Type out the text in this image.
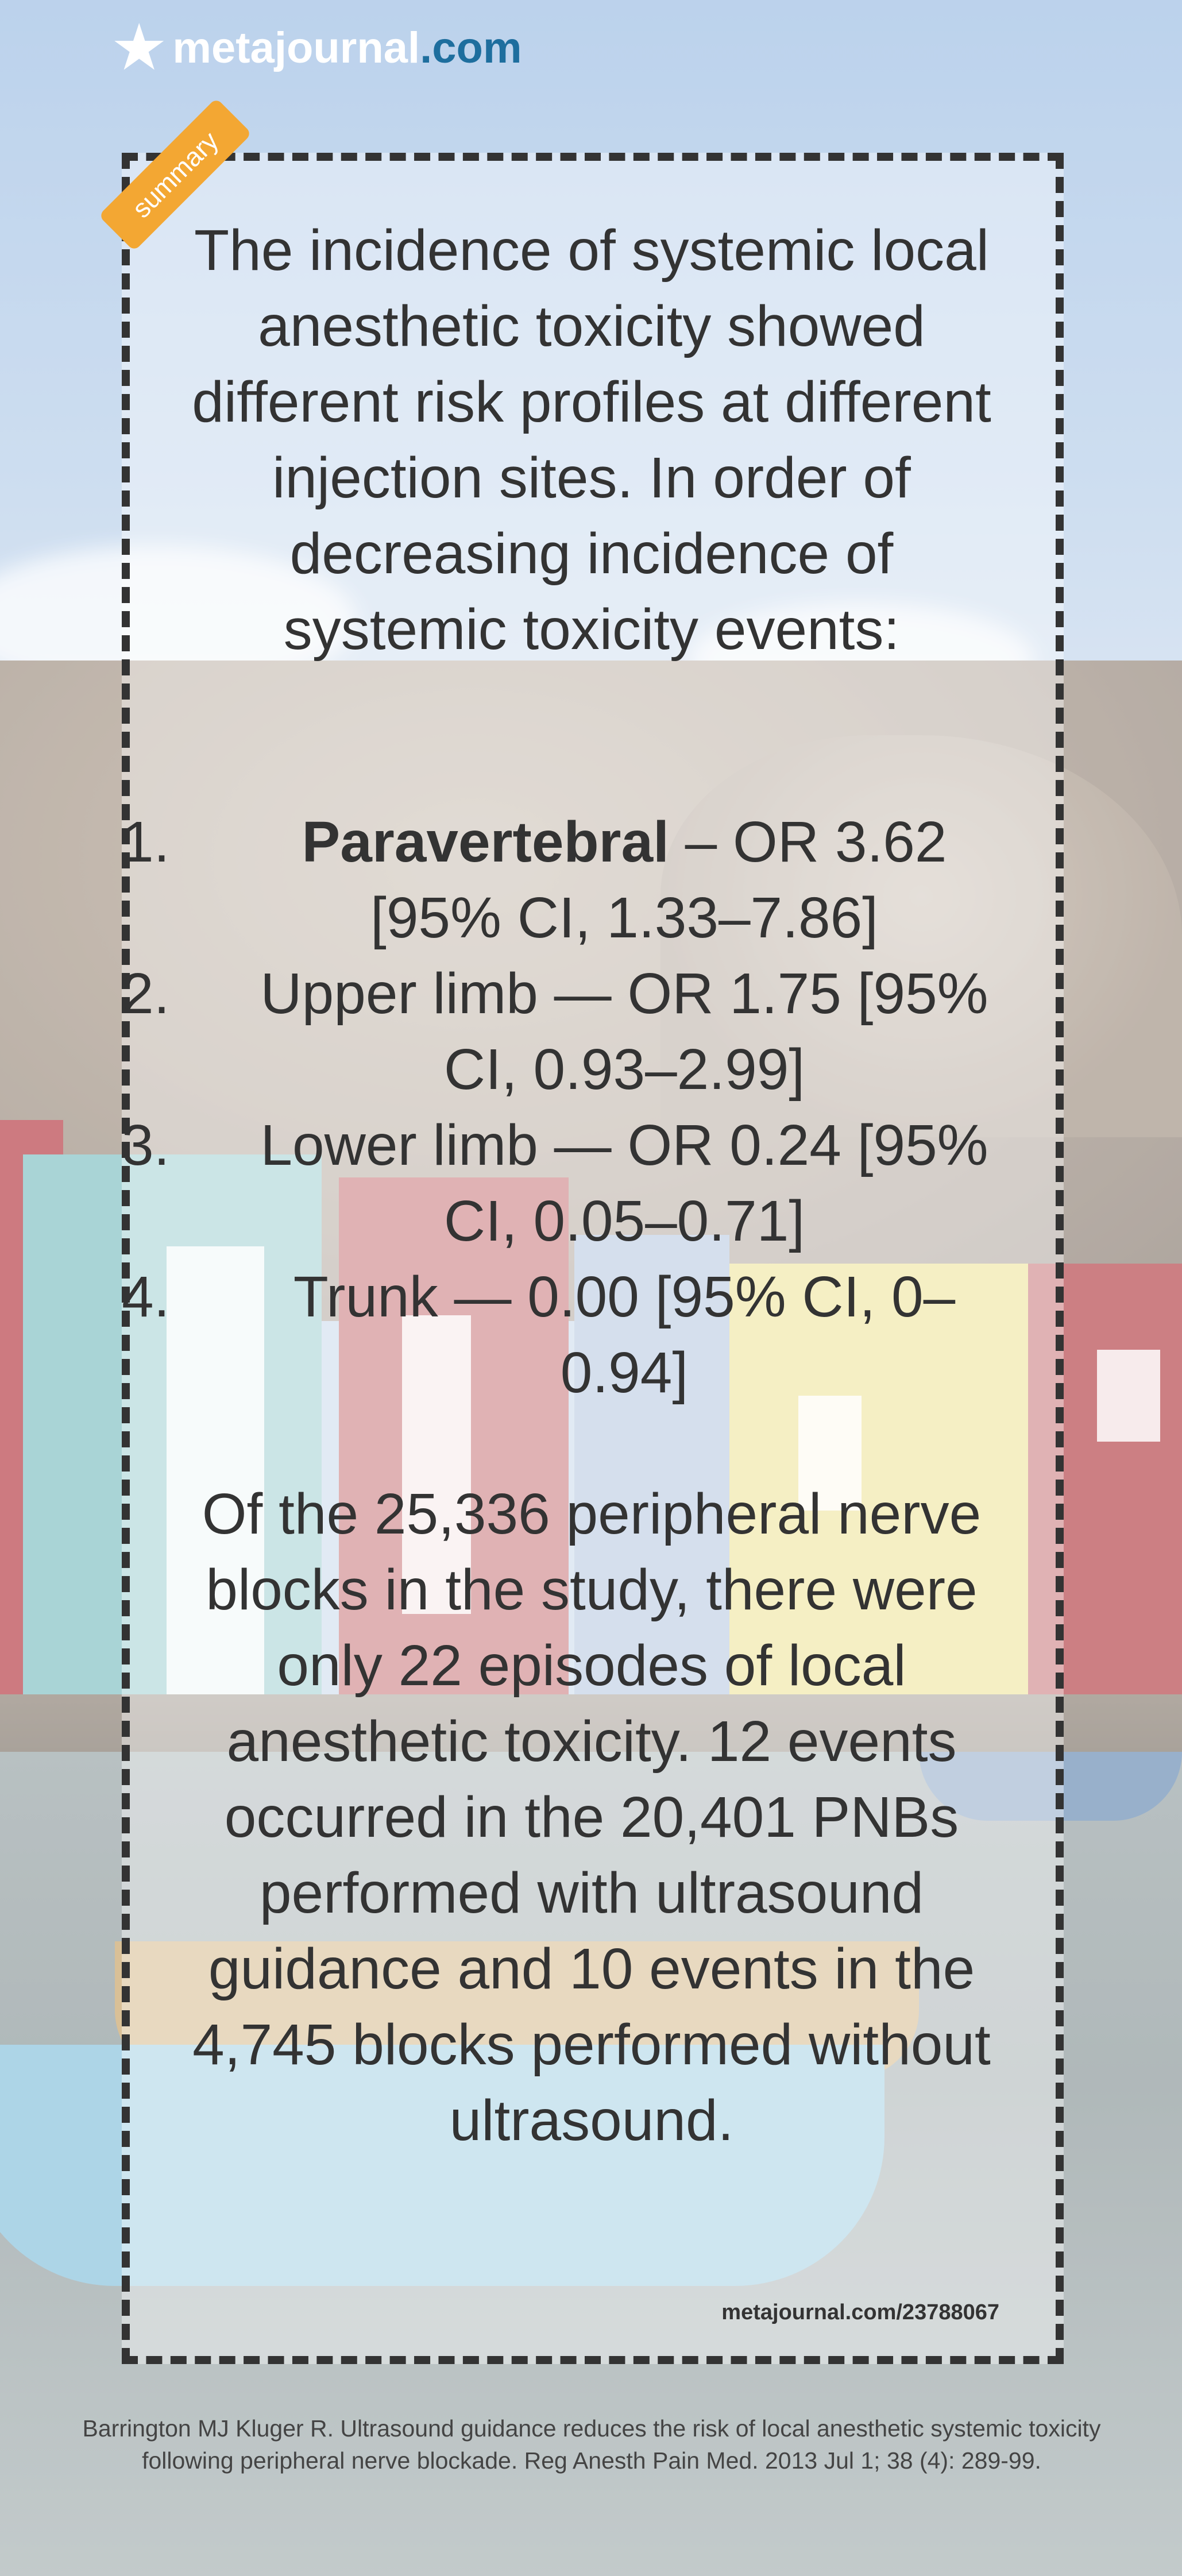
★ metajournal .com
summary
The incidence of systemic local anesthetic toxicity showed different risk profiles at different injection sites. In order of decreasing incidence of systemic toxicity events:
1.	Paravertebral – OR 3.62 [95% CI, 1.33–7.86]
2.	Upper limb — OR 1.75 [95% CI, 0.93–2.99]
3.	Lower limb — OR 0.24 [95% CI, 0.05–0.71]
4.	Trunk — 0.00 [95% CI, 0–0.94]
Of the 25,336 peripheral nerve blocks in the study, there were only 22 episodes of local anesthetic toxicity. 12 events occurred in the 20,401 PNBs performed with ultrasound guidance and 10 events in the 4,745 blocks performed without ultrasound.
metajournal.com/23788067
Barrington MJ Kluger R. Ultrasound guidance reduces the risk of local anesthetic systemic toxicity following peripheral nerve blockade. Reg Anesth Pain Med. 2013 Jul 1; 38 (4): 289-99.
